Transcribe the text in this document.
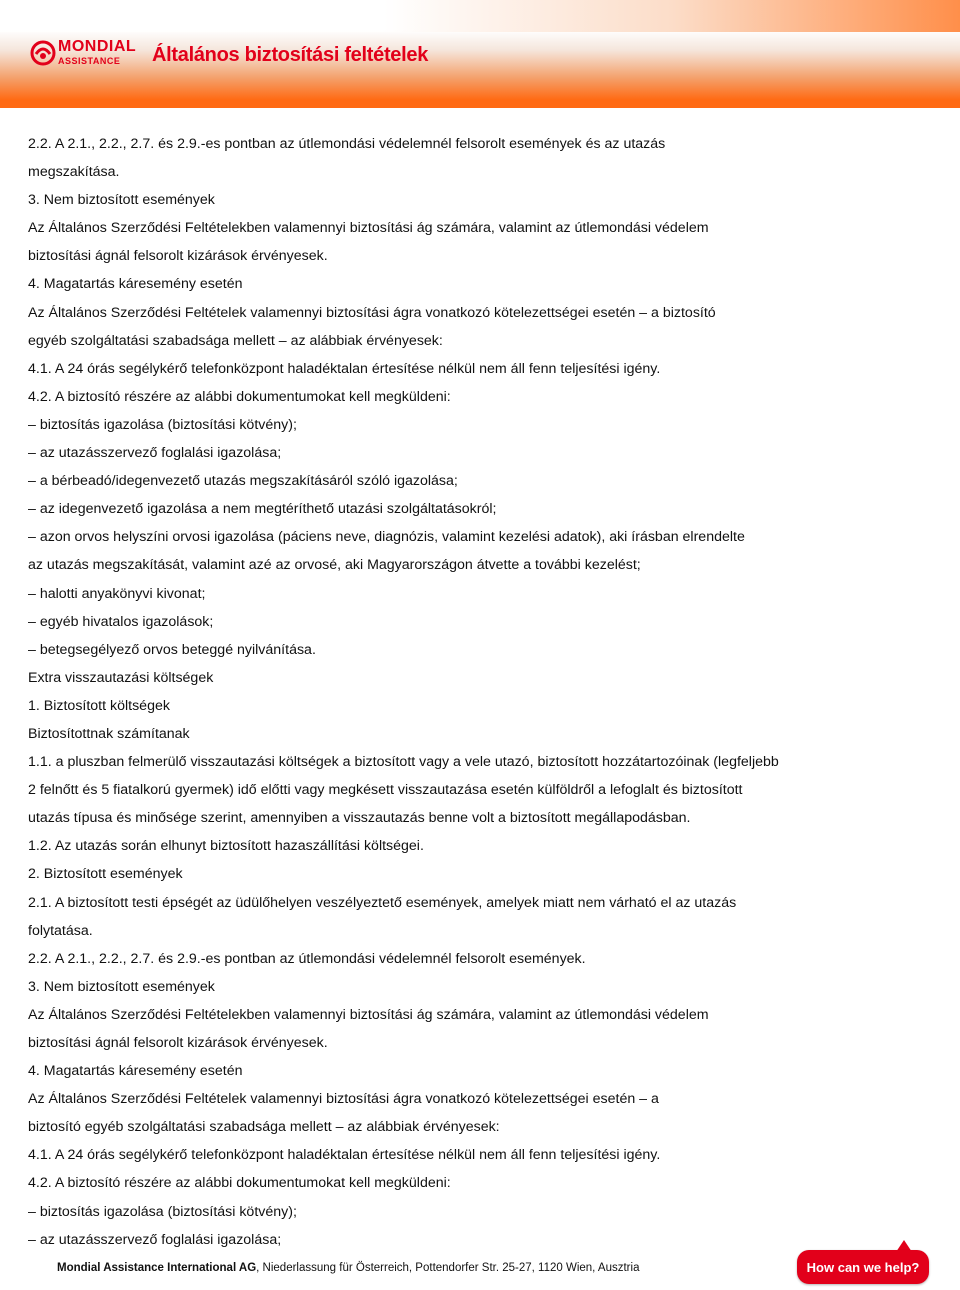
MONDIAL
ASSISTANCE Általános biztosítási feltételek

2.2. A 2.1., 2.2., 2.7. és 2.9.-es pontban az útlemondási védelemnél felsorolt események és az utazás

megszakítása.

3. Nem biztosított események

Az Általános Szerződési Feltételekben valamennyi biztosítási ág számára, valamint az útlemondási védelem

biztosítási ágnál felsorolt kizárások érvényesek.

4. Magatartás káresemény esetén

Az Általános Szerződési Feltételek valamennyi biztosítási ágra vonatkozó kötelezettségei esetén – a biztosító

egyéb szolgáltatási szabadsága mellett – az alábbiak érvényesek:

4.1. A 24 órás segélykérő telefonközpont haladéktalan értesítése nélkül nem áll fenn teljesítési igény.

4.2. A biztosító részére az alábbi dokumentumokat kell megküldeni:

– biztosítás igazolása (biztosítási kötvény);

– az utazásszervező foglalási igazolása;

– a bérbeadó/idegenvezető utazás megszakításáról szóló igazolása;

– az idegenvezető igazolása a nem megtéríthető utazási szolgáltatásokról;

– azon orvos helyszíni orvosi igazolása (páciens neve, diagnózis, valamint kezelési adatok), aki írásban elrendelte

az utazás megszakítását, valamint azé az orvosé, aki Magyarországon átvette a további kezelést;

– halotti anyakönyvi kivonat;

– egyéb hivatalos igazolások;

– betegsegélyező orvos beteggé nyilvánítása.

Extra visszautazási költségek

1. Biztosított költségek

Biztosítottnak számítanak

1.1. a pluszban felmerülő visszautazási költségek a biztosított vagy a vele utazó, biztosított hozzátartozóinak (legfeljebb

2 felnőtt és 5 fiatalkorú gyermek) idő előtti vagy megkésett visszautazása esetén külföldről a lefoglalt és biztosított

utazás típusa és minősége szerint, amennyiben a visszautazás benne volt a biztosított megállapodásban.

1.2. Az utazás során elhunyt biztosított hazaszállítási költségei.

2. Biztosított események

2.1. A biztosított testi épségét az üdülőhelyen veszélyeztető események, amelyek miatt nem várható el az utazás

folytatása.

2.2. A 2.1., 2.2., 2.7. és 2.9.-es pontban az útlemondási védelemnél felsorolt események.

3. Nem biztosított események

Az Általános Szerződési Feltételekben valamennyi biztosítási ág számára, valamint az útlemondási védelem

biztosítási ágnál felsorolt kizárások érvényesek.

4. Magatartás káresemény esetén

Az Általános Szerződési Feltételek valamennyi biztosítási ágra vonatkozó kötelezettségei esetén – a

biztosító egyéb szolgáltatási szabadsága mellett – az alábbiak érvényesek:

4.1. A 24 órás segélykérő telefonközpont haladéktalan értesítése nélkül nem áll fenn teljesítési igény.

4.2. A biztosító részére az alábbi dokumentumokat kell megküldeni:

– biztosítás igazolása (biztosítási kötvény);

– az utazásszervező foglalási igazolása;

Mondial Assistance International AG, Niederlassung für Österreich, Pottendorfer Str. 25-27, 1120 Wien, Ausztria	How can we help?
